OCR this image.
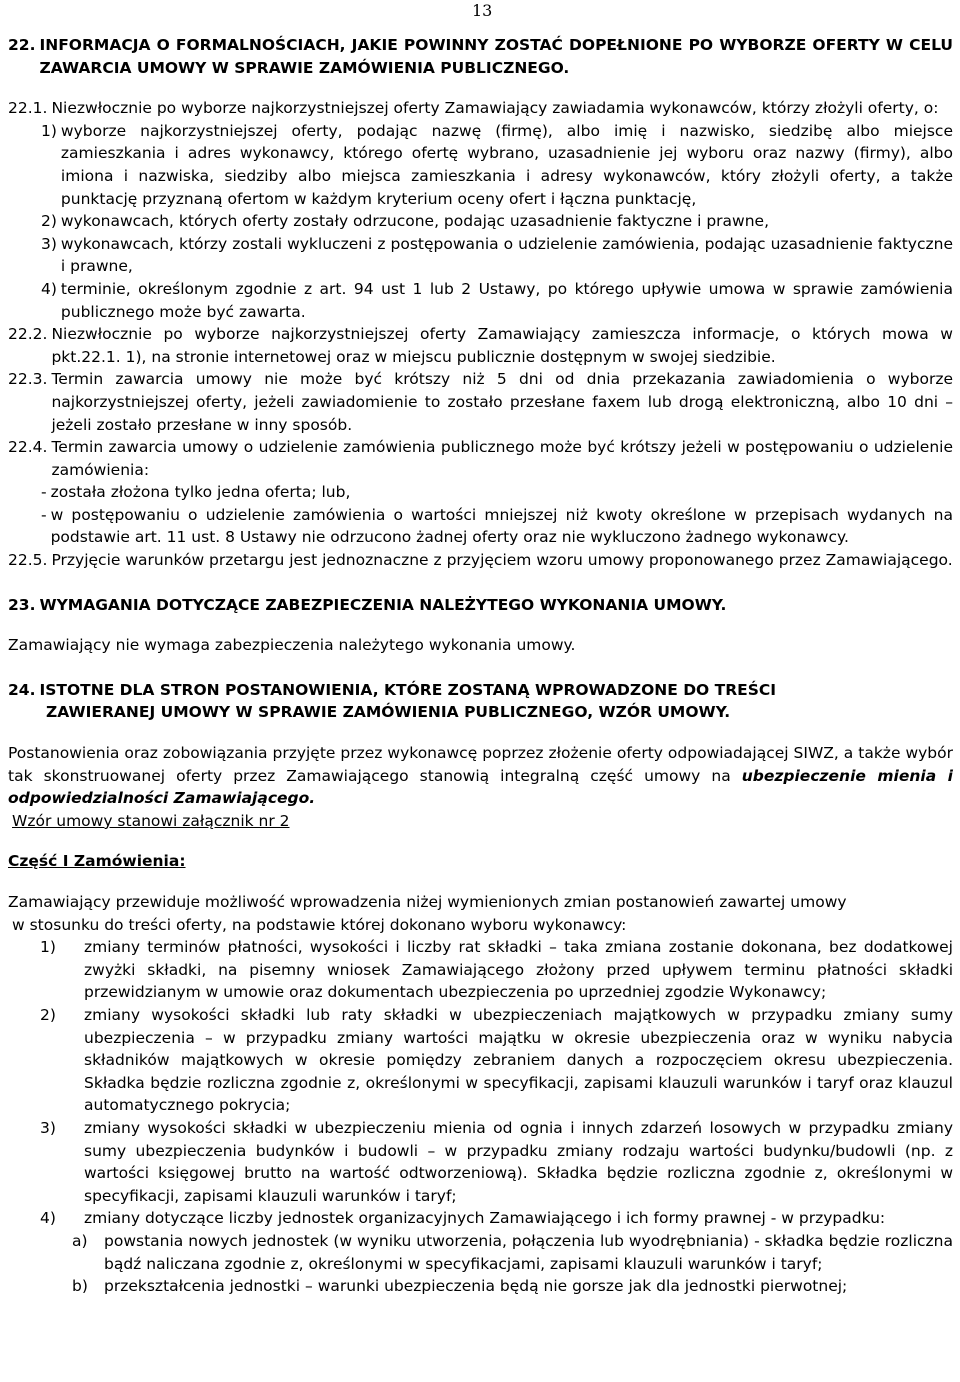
13
22. INFORMACJA O FORMALNOŚCIACH, JAKIE POWINNY ZOSTAĆ DOPEŁNIONE PO WYBORZE OFERTY W CELU ZAWARCIA UMOWY W SPRAWIE ZAMÓWIENIA PUBLICZNEGO.
22.1. Niezwłocznie po wyborze najkorzystniejszej oferty Zamawiający zawiadamia wykonawców, którzy złożyli oferty, o:
1) wyborze najkorzystniejszej oferty, podając nazwę (firmę), albo imię i nazwisko, siedzibę albo miejsce zamieszkania i adres wykonawcy, którego ofertę wybrano, uzasadnienie jej wyboru oraz nazwy (firmy), albo imiona i nazwiska, siedziby albo miejsca zamieszkania i adresy wykonawców, który złożyli oferty, a także punktację przyznaną ofertom w każdym kryterium oceny ofert i łączna punktację,
2) wykonawcach, których oferty zostały odrzucone, podając uzasadnienie faktyczne i prawne,
3) wykonawcach, którzy zostali wykluczeni z postępowania o udzielenie zamówienia, podając uzasadnienie faktyczne i prawne,
4) terminie, określonym zgodnie z art. 94 ust 1 lub 2 Ustawy, po którego upływie umowa w sprawie zamówienia publicznego może być zawarta.
22.2. Niezwłocznie po wyborze najkorzystniejszej oferty Zamawiający zamieszcza informacje, o których mowa w pkt.22.1. 1), na stronie internetowej oraz w miejscu publicznie dostępnym w swojej siedzibie.
22.3. Termin zawarcia umowy nie może być krótszy niż 5 dni od dnia przekazania zawiadomienia o wyborze najkorzystniejszej oferty, jeżeli zawiadomienie to zostało przesłane faxem lub drogą elektroniczną, albo 10 dni – jeżeli zostało przesłane w inny sposób.
22.4. Termin zawarcia umowy o udzielenie zamówienia publicznego może być krótszy jeżeli w postępowaniu o udzielenie zamówienia:
- została złożona tylko jedna oferta; lub,
- w postępowaniu o udzielenie zamówienia o wartości mniejszej niż kwoty określone w przepisach wydanych na podstawie art. 11 ust. 8 Ustawy nie odrzucono żadnej oferty oraz nie wykluczono żadnego wykonawcy.
22.5. Przyjęcie warunków przetargu jest jednoznaczne z przyjęciem wzoru umowy proponowanego przez Zamawiającego.
23. WYMAGANIA DOTYCZĄCE ZABEZPIECZENIA NALEŻYTEGO WYKONANIA UMOWY.
Zamawiający nie wymaga zabezpieczenia należytego wykonania umowy.
24. ISTOTNE DLA STRON POSTANOWIENIA, KTÓRE ZOSTANĄ WPROWADZONE DO TREŚCI
ZAWIERANEJ UMOWY W SPRAWIE ZAMÓWIENIA PUBLICZNEGO, WZÓR UMOWY.
Postanowienia oraz zobowiązania przyjęte przez wykonawcę poprzez złożenie oferty odpowiadającej SIWZ, a także wybór tak skonstruowanej oferty przez Zamawiającego stanowią integralną część umowy na ubezpieczenie mienia i odpowiedzialności Zamawiającego.
Wzór umowy stanowi załącznik nr 2
Część I Zamówienia:
Zamawiający przewiduje możliwość wprowadzenia niżej wymienionych zmian postanowień zawartej umowy
w stosunku do treści oferty, na podstawie której dokonano wyboru wykonawcy:
1)	zmiany terminów płatności, wysokości i liczby rat składki – taka zmiana zostanie dokonana, bez dodatkowej zwyżki składki, na pisemny wniosek Zamawiającego złożony przed upływem terminu płatności składki przewidzianym w umowie oraz dokumentach ubezpieczenia po uprzedniej zgodzie Wykonawcy;
2)	zmiany wysokości składki lub raty składki w ubezpieczeniach majątkowych w przypadku zmiany sumy ubezpieczenia – w przypadku zmiany wartości majątku w okresie ubezpieczenia oraz w wyniku nabycia składników majątkowych w okresie pomiędzy zebraniem danych a rozpoczęciem okresu ubezpieczenia. Składka będzie rozliczna zgodnie z, określonymi w specyfikacji, zapisami klauzuli warunków i taryf oraz klauzul automatycznego pokrycia;
3)	zmiany wysokości składki w ubezpieczeniu mienia od ognia i innych zdarzeń losowych w przypadku zmiany sumy ubezpieczenia budynków i budowli – w przypadku zmiany rodzaju wartości budynku/budowli (np. z wartości księgowej brutto na wartość odtworzeniową). Składka będzie rozliczna zgodnie z, określonymi w specyfikacji, zapisami klauzuli warunków i taryf;
4)	zmiany dotyczące liczby jednostek organizacyjnych Zamawiającego i ich formy prawnej - w przypadku:
a)	powstania nowych jednostek (w wyniku utworzenia, połączenia lub wyodrębniania) - składka będzie rozliczna bądź naliczana zgodnie z, określonymi w specyfikacjami, zapisami klauzuli warunków i taryf;
b)	przekształcenia jednostki – warunki ubezpieczenia będą nie gorsze jak dla jednostki pierwotnej;
